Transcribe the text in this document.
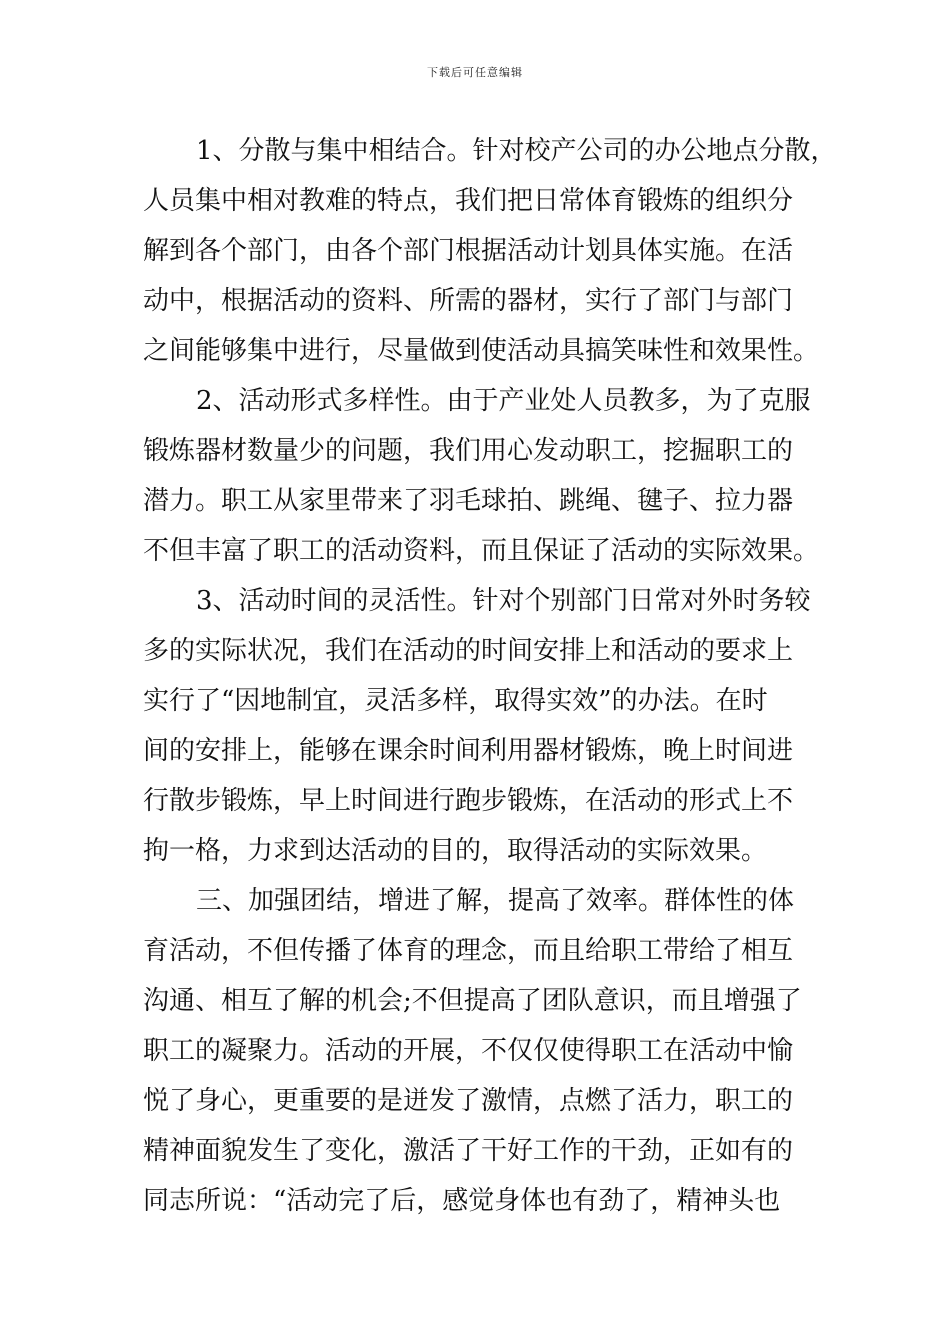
下载后可任意编辑
1、分散与集中相结合。针对校产公司的办公地点分散，
人员集中相对教难的特点，我们把日常体育锻炼的组织分
解到各个部门，由各个部门根据活动计划具体实施。在活
动中，根据活动的资料、所需的器材，实行了部门与部门
之间能够集中进行，尽量做到使活动具搞笑味性和效果性。
2、活动形式多样性。由于产业处人员教多，为了克服
锻炼器材数量少的问题，我们用心发动职工，挖掘职工的
潜力。职工从家里带来了羽毛球拍、跳绳、毽子、拉力器
不但丰富了职工的活动资料，而且保证了活动的实际效果。
3、活动时间的灵活性。针对个别部门日常对外时务较
多的实际状况，我们在活动的时间安排上和活动的要求上
实行了“因地制宜，灵活多样，取得实效”的办法。在时
间的安排上，能够在课余时间利用器材锻炼，晚上时间进
行散步锻炼，早上时间进行跑步锻炼，在活动的形式上不
拘一格，力求到达活动的目的，取得活动的实际效果。
三、加强团结，增进了解，提高了效率。群体性的体
育活动，不但传播了体育的理念，而且给职工带给了相互
沟通、相互了解的机会;不但提高了团队意识，而且增强了
职工的凝聚力。活动的开展，不仅仅使得职工在活动中愉
悦了身心，更重要的是迸发了激情，点燃了活力，职工的
精神面貌发生了变化，激活了干好工作的干劲，正如有的
同志所说：“活动完了后，感觉身体也有劲了，精神头也
